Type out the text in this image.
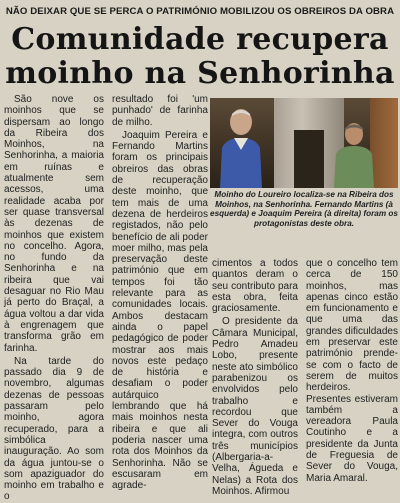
NÃO DEIXAR QUE SE PERCA O PATRIMÓNIO MOBILIZOU OS OBREIROS DA OBRA
Comunidade recupera
moinho na Senhorinha

São nove os moinhos que se dispersam ao longo da Ribeira dos Moinhos, na Senhorinha, a maioria em ruínas e atualmente sem acessos, uma realidade acaba por ser quase transversal às dezenas de moinhos que existem no concelho. Agora, no fundo da Senhorinha e na ribeira que vai desaguar no Rio Mau já perto do Braçal, a água voltou a dar vida à engrenagem que transforma grão em farinha.

Na tarde do passado dia 9 de novembro, algumas dezenas de pessoas passaram pelo moinho, agora recuperado, para a simbólica inauguração. Ao som da água juntou-se o som apaziguador do moinho em trabalho e o

resultado foi 'um punhado' de farinha de milho.

Joaquim Pereira e Fernando Martins foram os principais obreiros das obras de recuperação deste moinho, que tem mais de uma dezena de herdeiros registados, não pelo benefício de ali poder moer milho, mas pela preservação deste património que em tempos foi tão relevante para as comunidades locais. Ambos destacam ainda o papel pedagógico de poder mostrar aos mais novos este pedaço de história e desafiam o poder autárquico lembrando que há mais moinhos nesta ribeira e que ali poderia nascer uma rota dos Moinhos da Senhorinha. Não se escusaram em agrade-

Moinho do Loureiro localiza-se na Ribeira dos Moinhos, na Senhorinha. Fernando Martins (à esquerda) e Joaquim Pereira (à direita) foram os protagonistas deste obra.

cimentos a todos quantos deram o seu contributo para esta obra, feita graciosamente.

O presidente da Câmara Municipal, Pedro Amadeu Lobo, presente neste ato simbólico parabenizou os envolvidos pelo trabalho e recordou que Sever do Vouga integra, com outros três municípios (Albergaria-a-Velha, Águeda e Nelas) a Rota dos Moinhos. Afirmou

que o concelho tem cerca de 150 moinhos, mas apenas cinco estão em funcionamento e que uma das grandes dificuldades em preservar este património prende-se com o facto de serem de muitos herdeiros. Presentes estiveram também a vereadora Paula Coutinho e a presidente da Junta de Freguesia de Sever do Vouga, Maria Amaral.
